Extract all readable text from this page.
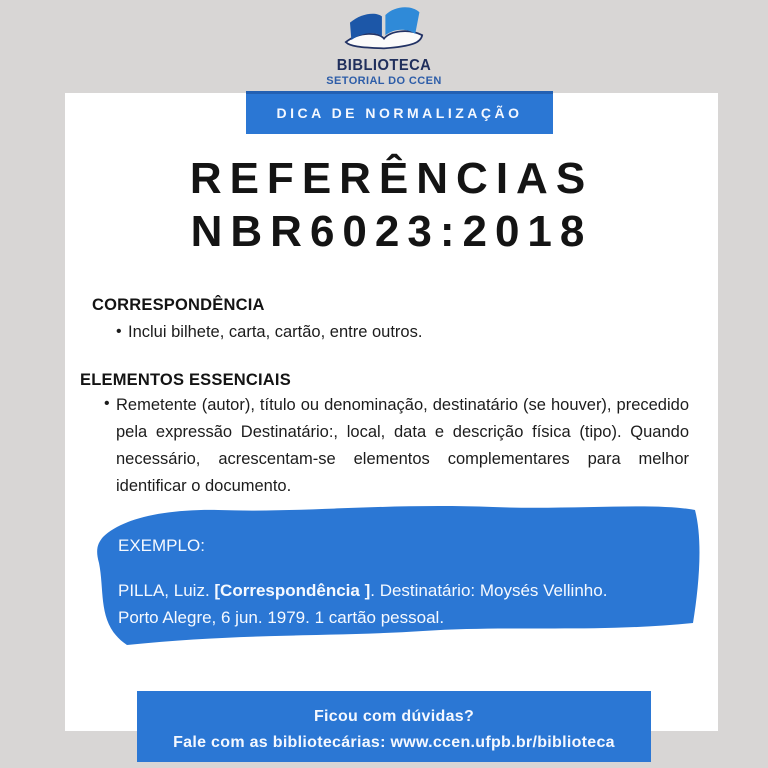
BIBLIOTECA
SETORIAL DO CCEN
DICA DE NORMALIZAÇÃO
REFERÊNCIAS
NBR6023:2018
CORRESPONDÊNCIA
• Inclui bilhete, carta, cartão, entre outros.
ELEMENTOS ESSENCIAIS
• Remetente (autor), título ou denominação, destinatário (se houver), precedido pela expressão Destinatário:, local, data e descrição física (tipo). Quando necessário, acrescentam-se elementos complementares para melhor identificar o documento.
EXEMPLO:
PILLA, Luiz. [Correspondência ]. Destinatário: Moysés Vellinho.
Porto Alegre, 6 jun. 1979. 1 cartão pessoal.
Ficou com dúvidas?
Fale com as bibliotecárias: www.ccen.ufpb.br/biblioteca
